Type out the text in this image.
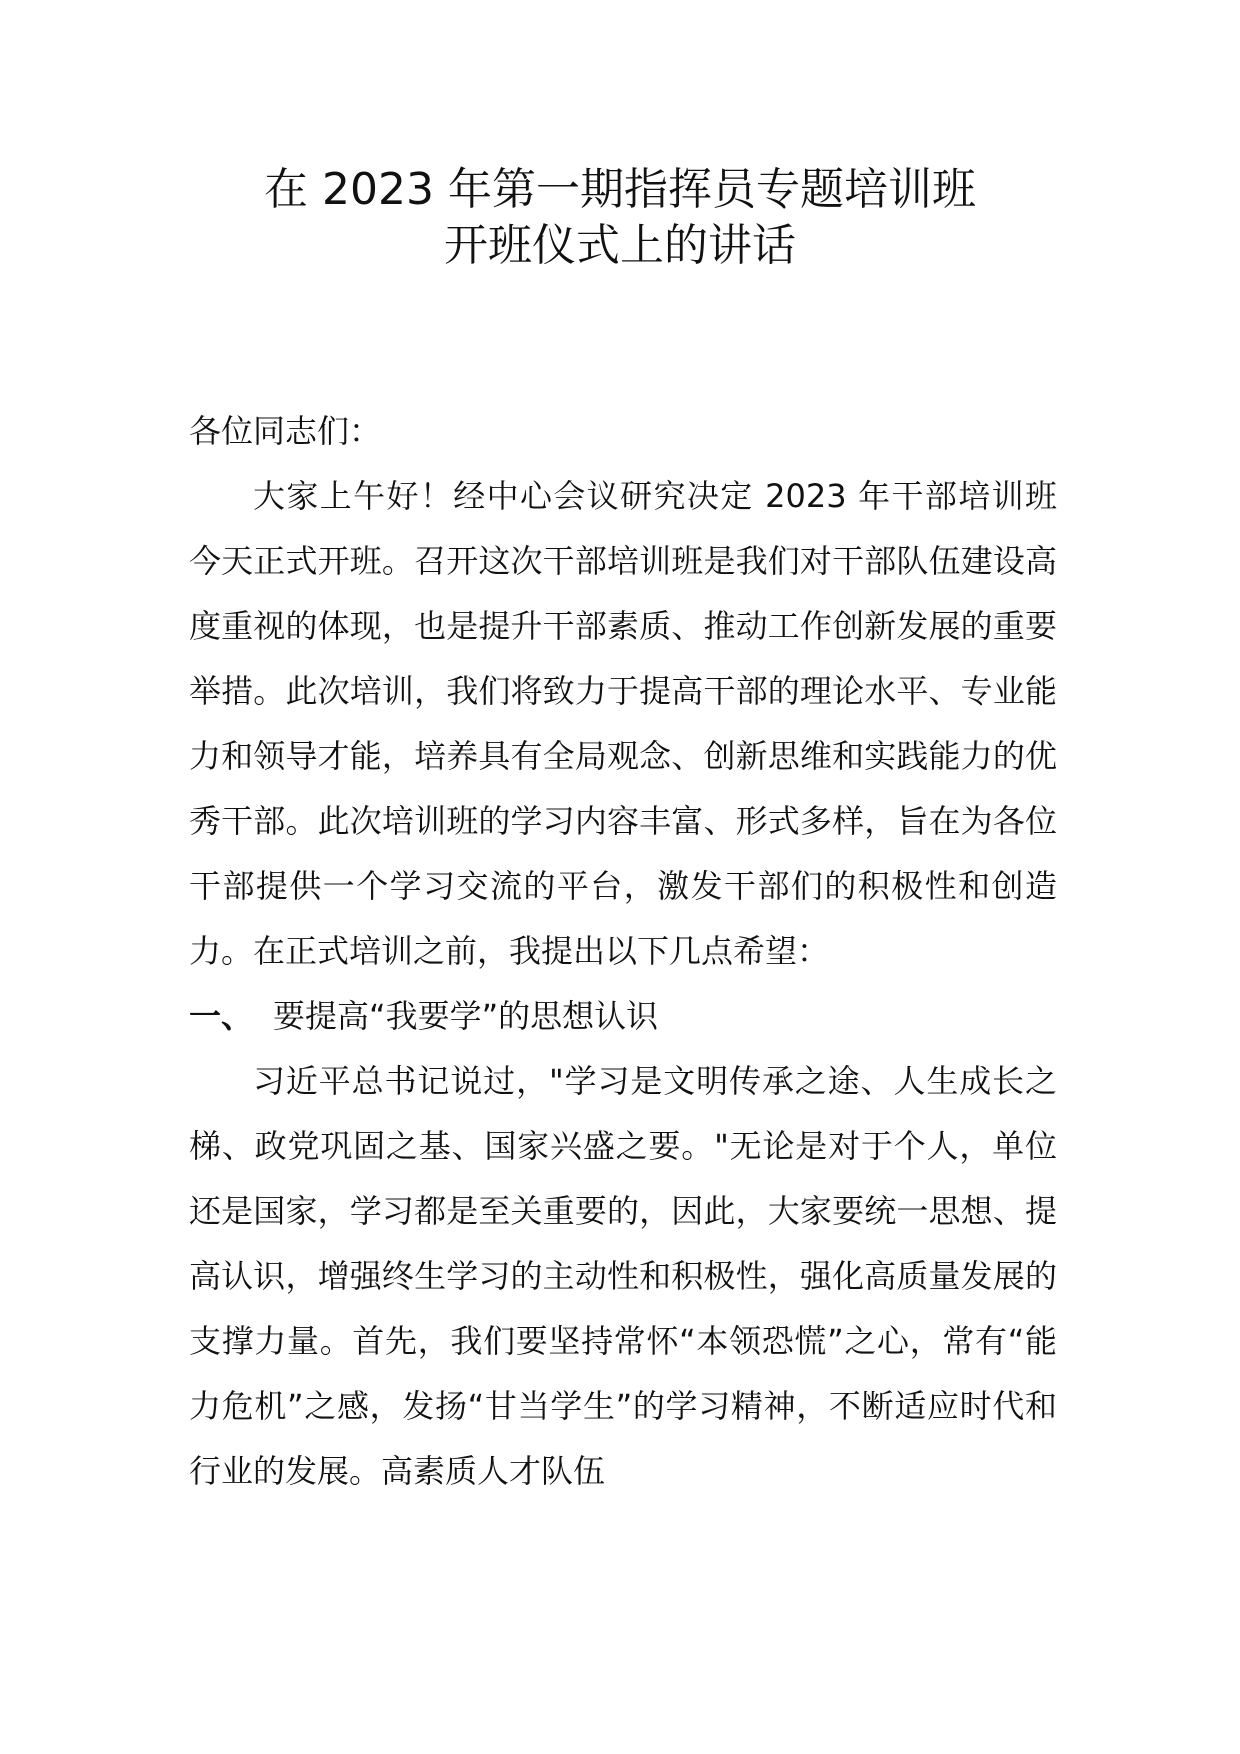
在 2023 年第一期指挥员专题培训班
开班仪式上的讲话

各位同志们：

大家上午好！经中心会议研究决定 2023 年干部培训班今天正式开班。召开这次干部培训班是我们对干部队伍建设高度重视的体现，也是提升干部素质、推动工作创新发展的重要举措。此次培训，我们将致力于提高干部的理论水平、专业能力和领导才能，培养具有全局观念、创新思维和实践能力的优秀干部。此次培训班的学习内容丰富、形式多样，旨在为各位干部提供一个学习交流的平台，激发干部们的积极性和创造力。在正式培训之前，我提出以下几点希望：

一、 要提高“我要学”的思想认识

习近平总书记说过，"学习是文明传承之途、人生成长之梯、政党巩固之基、国家兴盛之要。"无论是对于个人，单位还是国家，学习都是至关重要的，因此，大家要统一思想、提高认识，增强终生学习的主动性和积极性，强化高质量发展的支撑力量。首先，我们要坚持常怀“本领恐慌”之心，常有“能力危机”之感，发扬“甘当学生”的学习精神，不断适应时代和行业的发展。高素质人才队伍
